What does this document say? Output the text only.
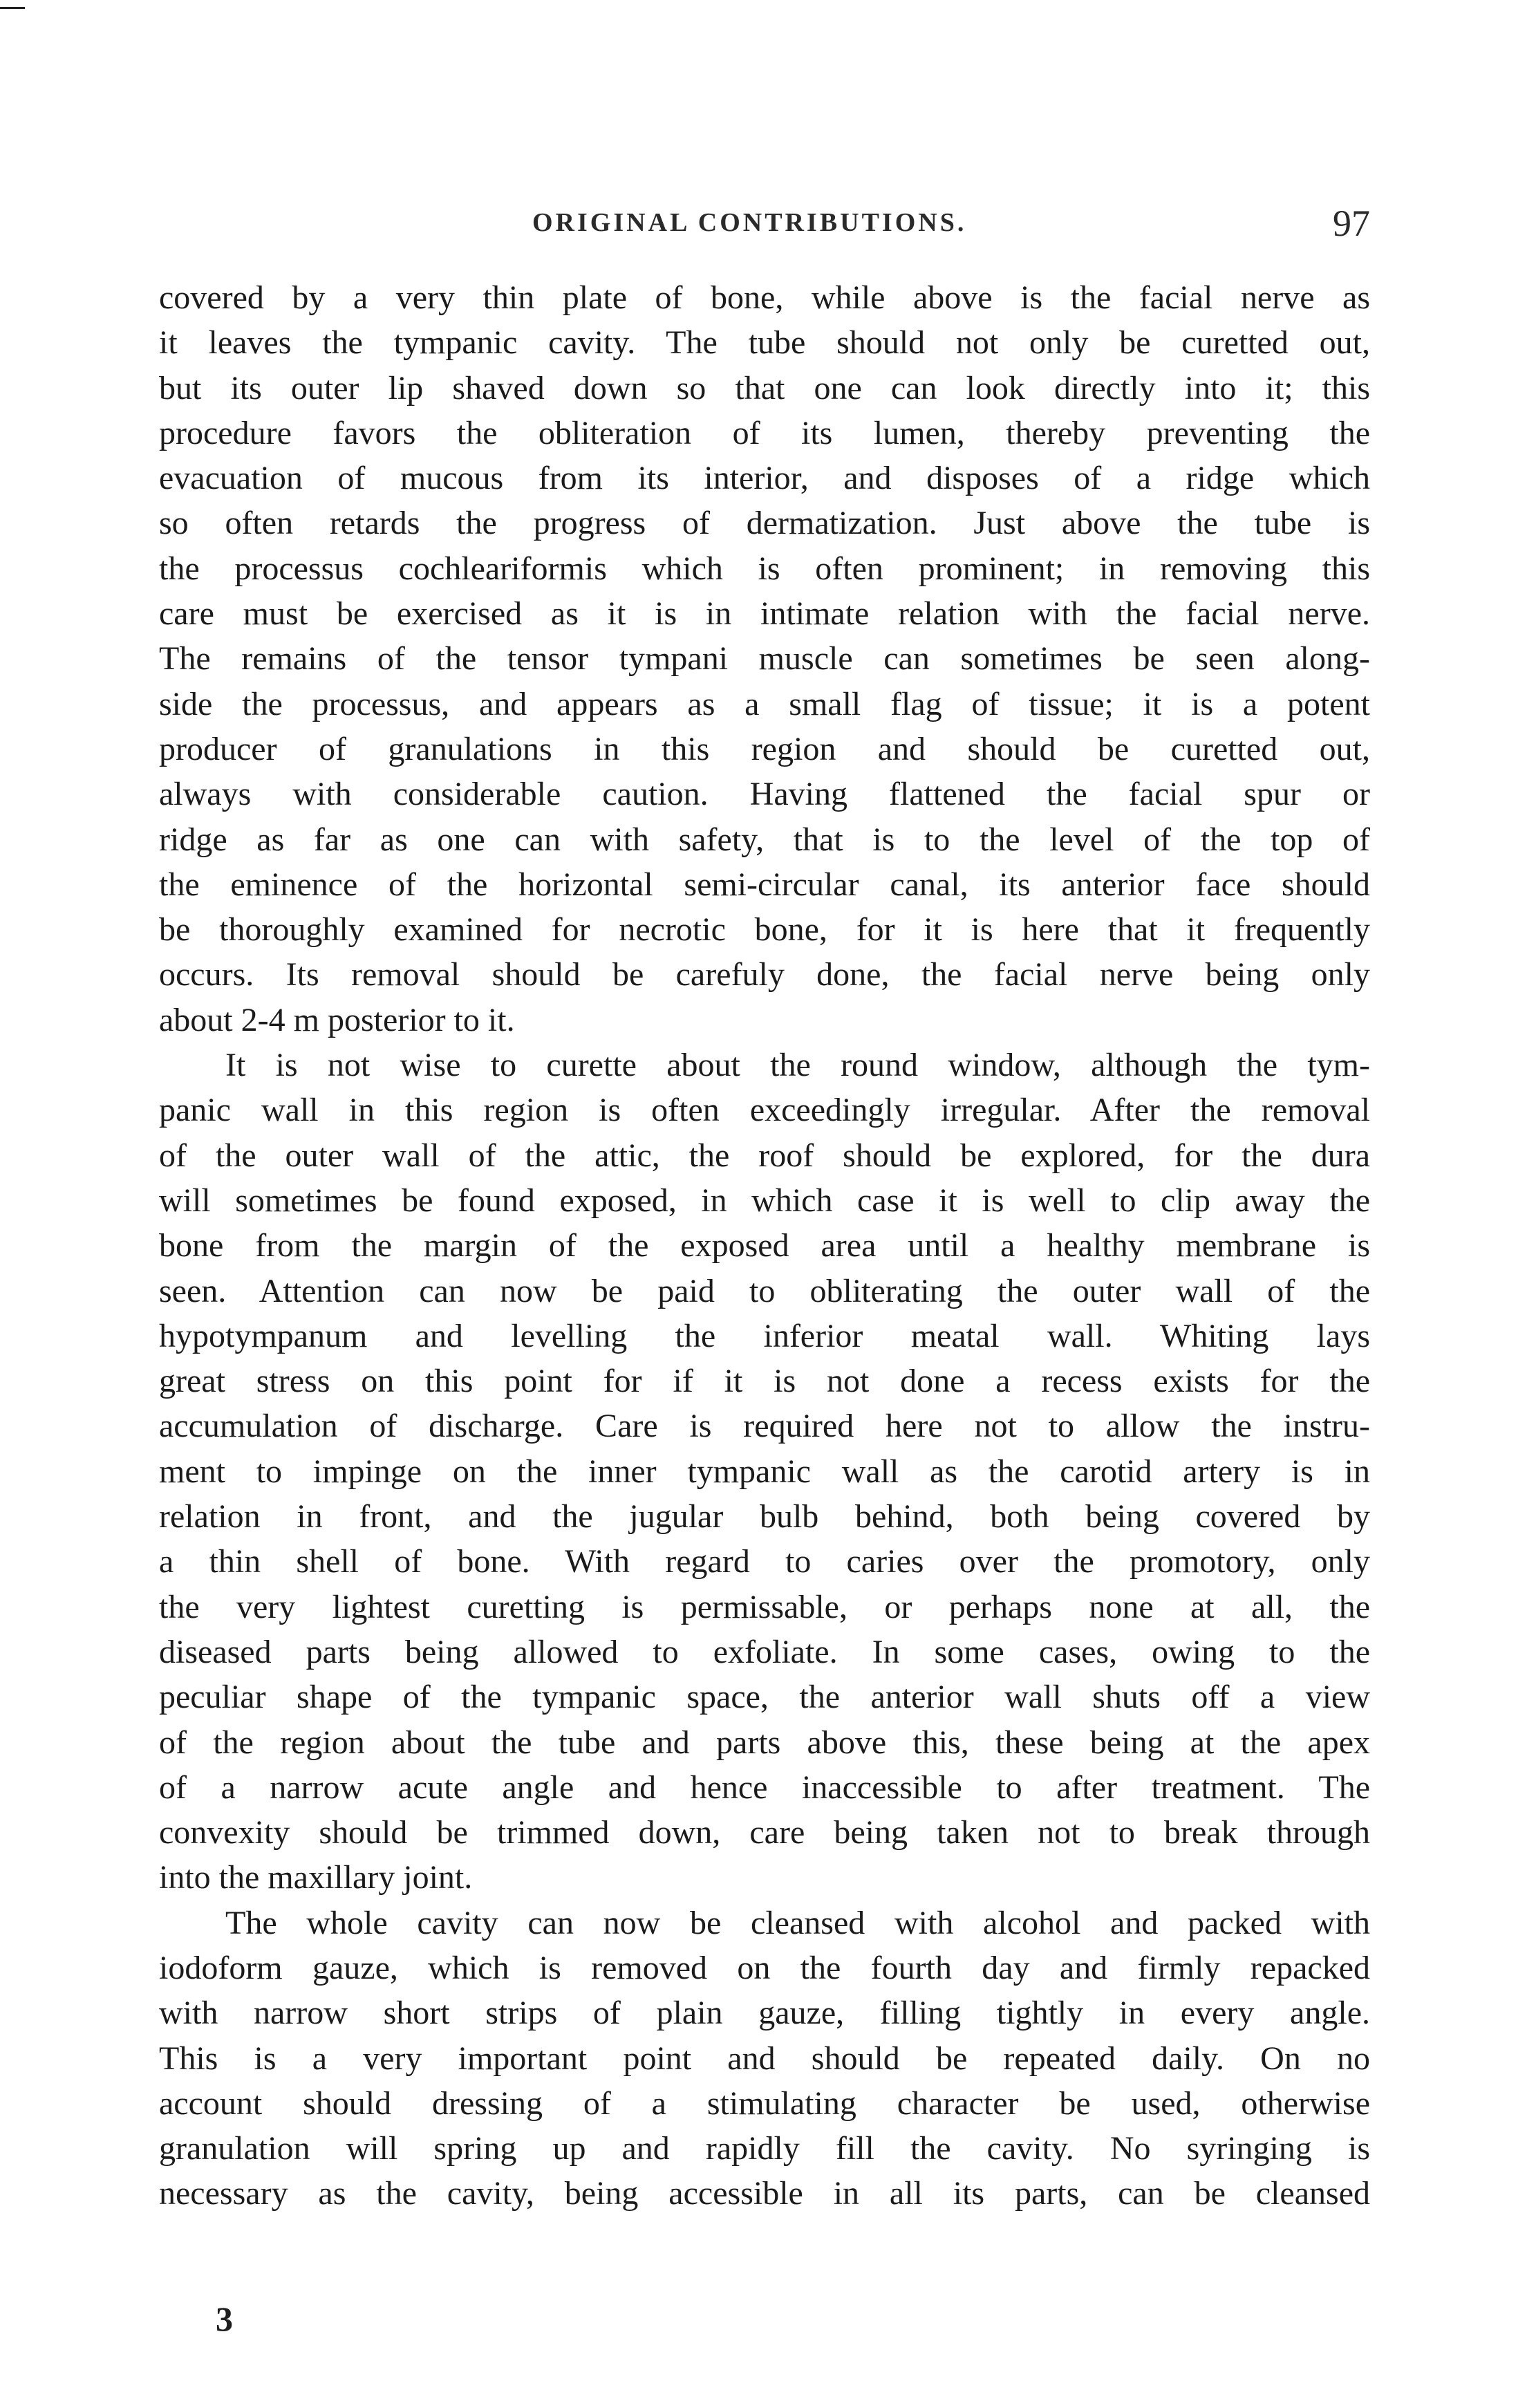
ORIGINAL CONTRIBUTIONS.	97
covered by a very thin plate of bone, while above is the facial nerve as
it leaves the tympanic cavity. The tube should not only be curetted out,
but its outer lip shaved down so that one can look directly into it; this
procedure favors the obliteration of its lumen, thereby preventing the
evacuation of mucous from its interior, and disposes of a ridge which
so often retards the progress of dermatization. Just above the tube is
the processus cochleariformis which is often prominent; in removing this
care must be exercised as it is in intimate relation with the facial nerve.
The remains of the tensor tympani muscle can sometimes be seen along-
side the processus, and appears as a small flag of tissue; it is a potent
producer of granulations in this region and should be curetted out,
always with considerable caution. Having flattened the facial spur or
ridge as far as one can with safety, that is to the level of the top of
the eminence of the horizontal semi-circular canal, its anterior face should
be thoroughly examined for necrotic bone, for it is here that it frequently
occurs. Its removal should be carefuly done, the facial nerve being only
about 2-4 m posterior to it.
It is not wise to curette about the round window, although the tym-
panic wall in this region is often exceedingly irregular. After the removal
of the outer wall of the attic, the roof should be explored, for the dura
will sometimes be found exposed, in which case it is well to clip away the
bone from the margin of the exposed area until a healthy membrane is
seen. Attention can now be paid to obliterating the outer wall of the
hypotympanum and levelling the inferior meatal wall. Whiting lays
great stress on this point for if it is not done a recess exists for the
accumulation of discharge. Care is required here not to allow the instru-
ment to impinge on the inner tympanic wall as the carotid artery is in
relation in front, and the jugular bulb behind, both being covered by
a thin shell of bone. With regard to caries over the promotory, only
the very lightest curetting is permissable, or perhaps none at all, the
diseased parts being allowed to exfoliate. In some cases, owing to the
peculiar shape of the tympanic space, the anterior wall shuts off a view
of the region about the tube and parts above this, these being at the apex
of a narrow acute angle and hence inaccessible to after treatment. The
convexity should be trimmed down, care being taken not to break through
into the maxillary joint.
The whole cavity can now be cleansed with alcohol and packed with
iodoform gauze, which is removed on the fourth day and firmly repacked
with narrow short strips of plain gauze, filling tightly in every angle.
This is a very important point and should be repeated daily. On no
account should dressing of a stimulating character be used, otherwise
granulation will spring up and rapidly fill the cavity. No syringing is
necessary as the cavity, being accessible in all its parts, can be cleansed
3
